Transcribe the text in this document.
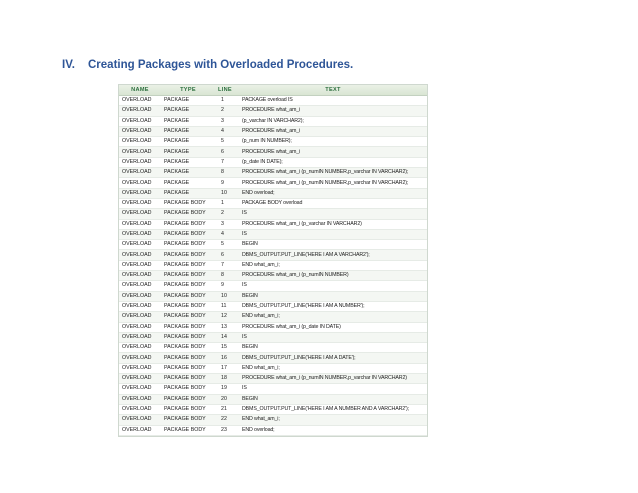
IV.	Creating Packages with Overloaded Procedures.
NAME	TYPE	LINE	TEXT
OVERLOAD	PACKAGE	1	PACKAGE overload IS
OVERLOAD	PACKAGE	2	PROCEDURE what_am_i
OVERLOAD	PACKAGE	3	(p_varchar IN VARCHAR2);
OVERLOAD	PACKAGE	4	PROCEDURE what_am_i
OVERLOAD	PACKAGE	5	(p_num IN NUMBER);
OVERLOAD	PACKAGE	6	PROCEDURE what_am_i
OVERLOAD	PACKAGE	7	(p_date IN DATE);
OVERLOAD	PACKAGE	8	PROCEDURE what_am_i (p_numIN NUMBER,p_varchar IN VARCHAR2);
OVERLOAD	PACKAGE	9	PROCEDURE what_am_i (p_numIN NUMBER,p_varchar IN VARCHAR2);
OVERLOAD	PACKAGE	10	END overload;
OVERLOAD	PACKAGE BODY	1	PACKAGE BODY overload
OVERLOAD	PACKAGE BODY	2	IS
OVERLOAD	PACKAGE BODY	3	PROCEDURE what_am_i (p_varchar IN VARCHAR2)
OVERLOAD	PACKAGE BODY	4	IS
OVERLOAD	PACKAGE BODY	5	BEGIN
OVERLOAD	PACKAGE BODY	6	DBMS_OUTPUT.PUT_LINE('HERE I AM A VARCHAR2');
OVERLOAD	PACKAGE BODY	7	END what_am_i;
OVERLOAD	PACKAGE BODY	8	PROCEDURE what_am_i (p_numIN NUMBER)
OVERLOAD	PACKAGE BODY	9	IS
OVERLOAD	PACKAGE BODY	10	BEGIN
OVERLOAD	PACKAGE BODY	11	DBMS_OUTPUT.PUT_LINE('HERE I AM A NUMBER');
OVERLOAD	PACKAGE BODY	12	END what_am_i;
OVERLOAD	PACKAGE BODY	13	PROCEDURE what_am_i (p_date IN DATE)
OVERLOAD	PACKAGE BODY	14	IS
OVERLOAD	PACKAGE BODY	15	BEGIN
OVERLOAD	PACKAGE BODY	16	DBMS_OUTPUT.PUT_LINE('HERE I AM A DATE');
OVERLOAD	PACKAGE BODY	17	END what_am_i;
OVERLOAD	PACKAGE BODY	18	PROCEDURE what_am_i (p_numIN NUMBER,p_varchar IN VARCHAR2)
OVERLOAD	PACKAGE BODY	19	IS
OVERLOAD	PACKAGE BODY	20	BEGIN
OVERLOAD	PACKAGE BODY	21	DBMS_OUTPUT.PUT_LINE('HERE I AM A NUMBER AND A VARCHAR2');
OVERLOAD	PACKAGE BODY	22	END what_am_i;
OVERLOAD	PACKAGE BODY	23	END overload;
